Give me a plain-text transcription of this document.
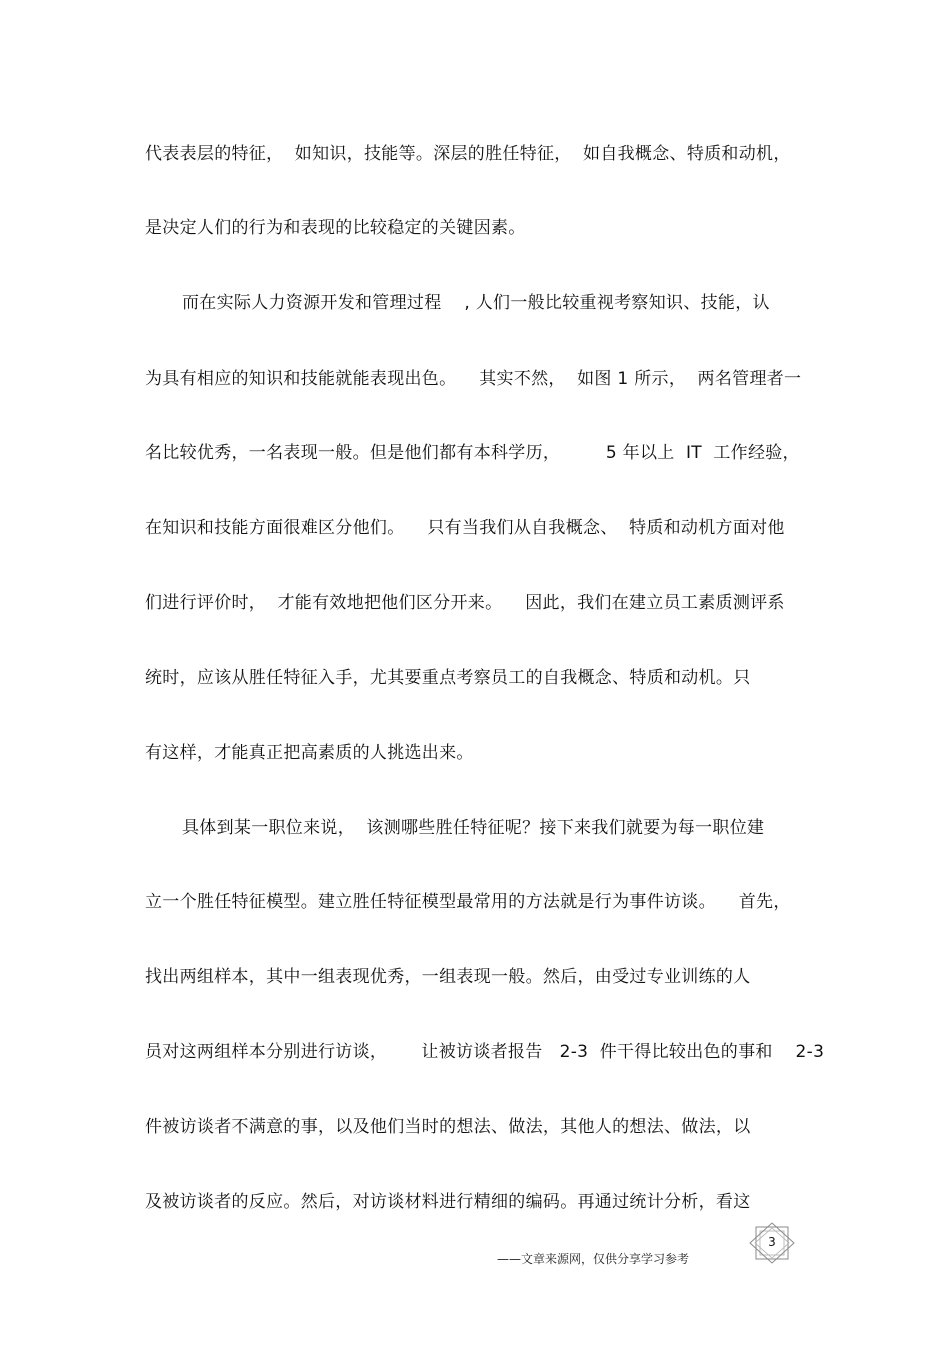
代表表层的特征，  如知识，技能等。深层的胜任特征，  如自我概念、特质和动机，
是决定人们的行为和表现的比较稳定的关键因素。
而在实际人力资源开发和管理过程    , 人们一般比较重视考察知识、技能，认
为具有相应的知识和技能就能表现出色。    其实不然，  如图 1 所示，  两名管理者一
名比较优秀，一名表现一般。但是他们都有本科学历，        5 年以上  IT  工作经验，
在知识和技能方面很难区分他们。    只有当我们从自我概念、  特质和动机方面对他
们进行评价时，  才能有效地把他们区分开来。    因此，我们在建立员工素质测评系
统时，应该从胜任特征入手，尤其要重点考察员工的自我概念、特质和动机。只
有这样，才能真正把高素质的人挑选出来。
具体到某一职位来说，  该测哪些胜任特征呢？接下来我们就要为每一职位建
立一个胜任特征模型。建立胜任特征模型最常用的方法就是行为事件访谈。    首先，
找出两组样本，其中一组表现优秀，一组表现一般。然后，由受过专业训练的人
员对这两组样本分别进行访谈，      让被访谈者报告   2-3  件干得比较出色的事和    2-3
件被访谈者不满意的事，以及他们当时的想法、做法，其他人的想法、做法，以
及被访谈者的反应。然后，对访谈材料进行精细的编码。再通过统计分析，看这
3
——文章来源网，仅供分享学习参考
